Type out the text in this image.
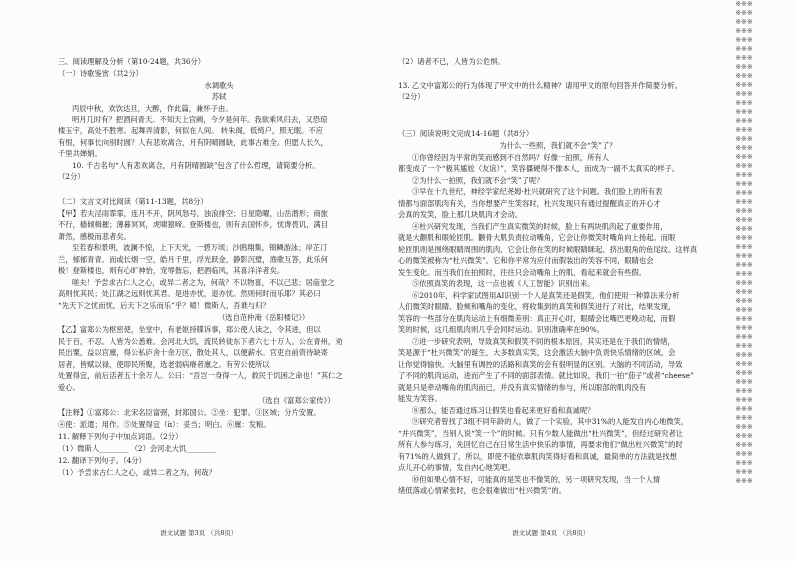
三、阅读理解及分析（第10-24题，共36分）
（一）诗歌鉴赏（共2分）
水调歌头
苏轼
丙辰中秋，欢饮达旦，大醉，作此篇，兼怀子由。
明月几时有？把酒问青天。不知天上宫阙，今夕是何年。我欲乘风归去，又恐琼
楼玉宇，高处不胜寒。起舞弄清影，何似在人间。 转朱阁，低绮户，照无眠。不应
有恨，何事长向别时圆？人有悲欢离合，月有阴晴圆缺，此事古难全。但愿人长久，
千里共婵娟。
10. 千古名句“人有悲欢离合，月有阴晴圆缺”包含了什么哲理，请简要分析。
（2分）
（二）文言文对比阅读（第11-13题，共8分）
【甲】若夫淫雨霏霏，连月不开，阴风怒号，浊浪排空；日星隐曜，山岳潜形；商旅
不行，樯倾楫摧；薄暮冥冥，虎啸猿啼。登斯楼也，则有去国怀乡，忧谗畏讥，满目
萧然，感极而悲者矣。
至若春和景明，波澜不惊，上下天光，一碧万顷；沙鸥翔集，锦鳞游泳；岸芷汀
兰，郁郁青青。而或长烟一空，皓月千里，浮光跃金，静影沉璧，渔歌互答，此乐何
极！登斯楼也，则有心旷神怡，宠辱偕忘，把酒临风，其喜洋洋者矣。
嗟夫！予尝求古仁人之心，或异二者之为，何哉？不以物喜，不以己悲；居庙堂之
高则忧其民；处江湖之远则忧其君。是进亦忧，退亦忧。然则何时而乐耶？其必曰
“先天下之忧而忧，后天下之乐而乐”乎？噫！微斯人，吾谁与归？
（选自范仲淹《岳阳楼记》）
【乙】富郑公为枢密使，坐堂中，有老妪持牒诉事，郑公使人读之，令其进，但以
民于百，不忍。人皆为公悉难。会河北大饥，流民转徙东下者六七十万人。公在青州，劝
民出粟，益以官廪，得公私庐舍十余万区，散处其人，以便薪水。官吏自前资待缺寄
居者，皆赋以禄，使即民所聚，选老弱病瘠者廪之。有劳公使所以
处置得宜，前后活者五十余万人。公曰：“吾岂一身得一人，救民于饥困之命也！”其仁之
爱心。
（选自《富郑公家传》）
【注释】①富郑公：北宋名臣富弼，封郑国公。②坐：犯罪。③区域；分片安置。
④使：派遣；用作。⑤处置得宜（ɑ̀）：妥当；明白。⑥廪：发粮。
11. 解释下列句子中加点词语。（2分）
（1）微斯人________ （2）会河北大饥________
12. 翻译下列句子。（4分）
（1）予尝求古仁人之心，或异二者之为，何哉？
（2）诸者不已，人皆为公危惧。
13. 乙文中富郑公的行为体现了甲文中的什么精神？请用甲文的原句回答并作简要分析。
（2分）
（三）阅读说明文完成14-16题（共8分）
为什么一些照，我们就不会“笑”了？
①你曾经因为平常的笑而感到不自然吗？好像一拍照，所有人
都变成了一个“极其尴尬（友谊）”，笑容僵硬得不像本人，而成为一副不太真实的样子。
②为什么一拍照，我们就不会“笑”了呢？
③早在十九世纪，神经学家纪尧姆·杜兴就研究了这个问题。我们脸上的所有表
情都与面部肌肉有关，当你想要产生笑容时，杜兴发现只有通过提醒真正的开心才
会真的发笑，脸上那几块肌肉才会动。
④杜兴研究发现，当我们产生真实微笑的时候，脸上有两块肌肉起了重要作用，
就是大颧肌和眼轮匝肌。颧骨大肌负责拉动嘴角，它会让你微笑时嘴角向上扬起。而眼
轮匝肌则是围绕眼睛周围的肌肉，它会让你在笑的时候眼睛眯起、挤出眼角的鱼尾纹。这样真
心的微笑被称为“杜兴微笑”。它和你平常为应付而假装出的笑容不同，眼睛也会
发生变化。而当我们在拍照时，往往只会动嘴角上的肌，看起来就会有些假。
⑤依照真笑的表现，这一点也被《人工智能》识别出来。
⑥2010年，科学家试图用AI识别一个人是真笑还是假笑，他们使用一种算法来分析
人们微笑时眼睛、脸颊和嘴角的变化，将收集到的真笑和假笑进行了对比，结果发现，
笑容的一些部分在肌肉运动上有细微差别：真正开心时，眼睛会比嘴巴更晚动起，而假
笑的时候，这几组肌肉则几乎会同时运动。识别准确率在90%。
⑦进一步研究表明，导致真笑和假笑不同的根本原因，其实还是在于我们的情绪，
笑是源于“杜兴微笑”的诞生，大多数真实笑，这会激活大脑中负责快乐情绪的区域，会
让你觉得愉快。大脑里有调控的活路和真笑的会有很明显的区别。大脑的不同活动，导致
了不同的肌肉运动，进而产生了不同的面部表情。就比如说，我们一拍“茄子”或者“cheese”
就是只是牵动嘴角的肌肉而已，并没有真实情绪的参与，所以眼部的肌肉没有
能发为笑容。
⑧那么，能否通过练习让假笑也看起来更好看和真诚呢？
⑨研究者曾找了3组不同年龄的人，做了一个实验，其中31%的人能发自内心地微笑，
“并兴微笑”，当别人说“笑一个”的时候。只有少数人能做出“杜兴微笑”，但经过研究者让
所有人参与练习，先回忆自己在日常生活中快乐的事情，再要求他们“做出杜兴微笑”的时
有71%的人做到了，所以，即使不能依靠肌肉笑得好看和真诚，最简单的方法就是找想
点儿开心的事情，发自内心地笑吧。
⑩但如果心情不好，可能真的是笑也不像笑的，另一项研究发现，当一个人情
绪低落或心情紧张时，也会很难做出“杜兴微笑”的。
语文试题 第3页 （共8页）	语文试题 第4页 （共8页）
※※※※※※※※※※※※※※※※※※※※※※※※※※※※※※※※※※※※※※※※※※※※※※※※※※※※※※※※※※※※※※※※※※※※※※※※※※※※※※※※※※※※※※※※※※※※※※※※※※※※※※※※※※※※※※※※※※※※※※※※※※※※※※※※※※※※※※※※※※※※※※※※※※※※※※※※※※※※※※※※※※
